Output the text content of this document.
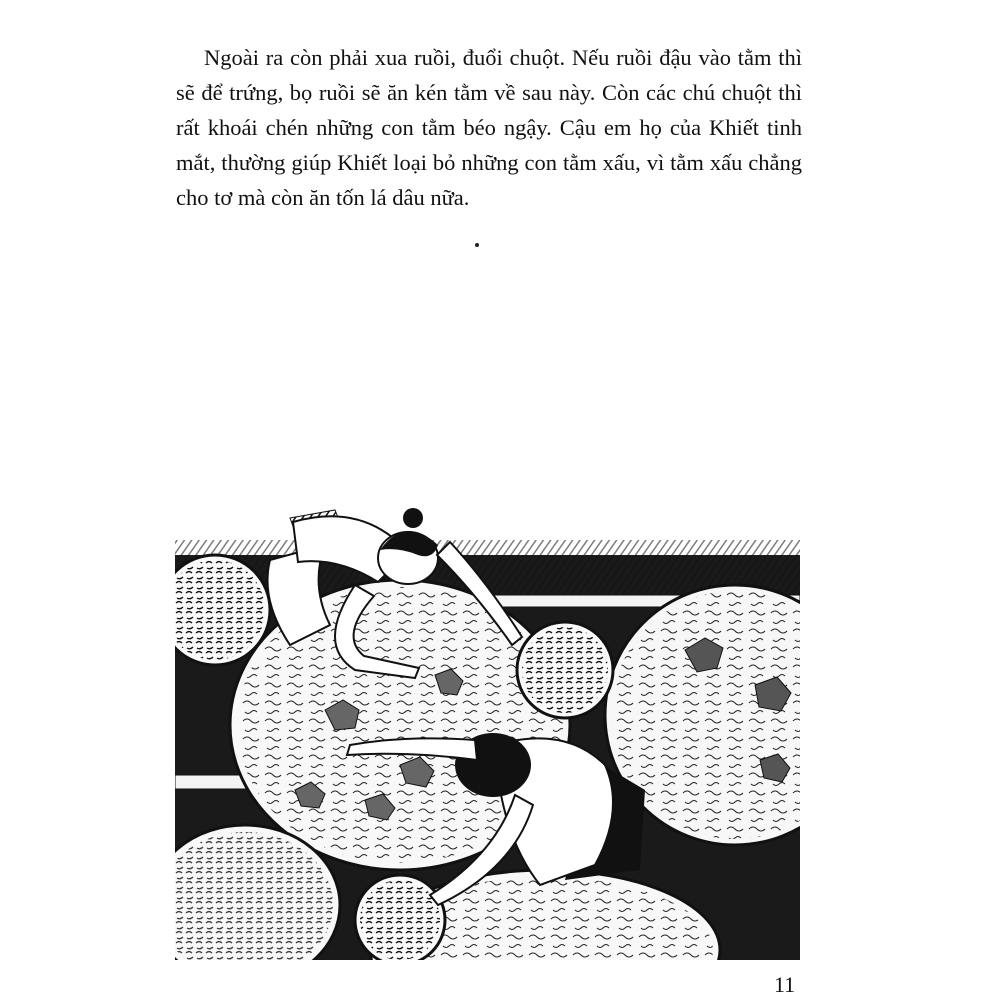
Ngoài ra còn phải xua ruồi, đuổi chuột. Nếu ruồi đậu vào tằm thì sẽ để trứng, bọ ruồi sẽ ăn kén tằm về sau này. Còn các chú chuột thì rất khoái chén những con tằm béo ngậy. Cậu em họ của Khiết tinh mắt, thường giúp Khiết loại bỏ những con tằm xấu, vì tằm xấu chẳng cho tơ mà còn ăn tốn lá dâu nữa.

11
